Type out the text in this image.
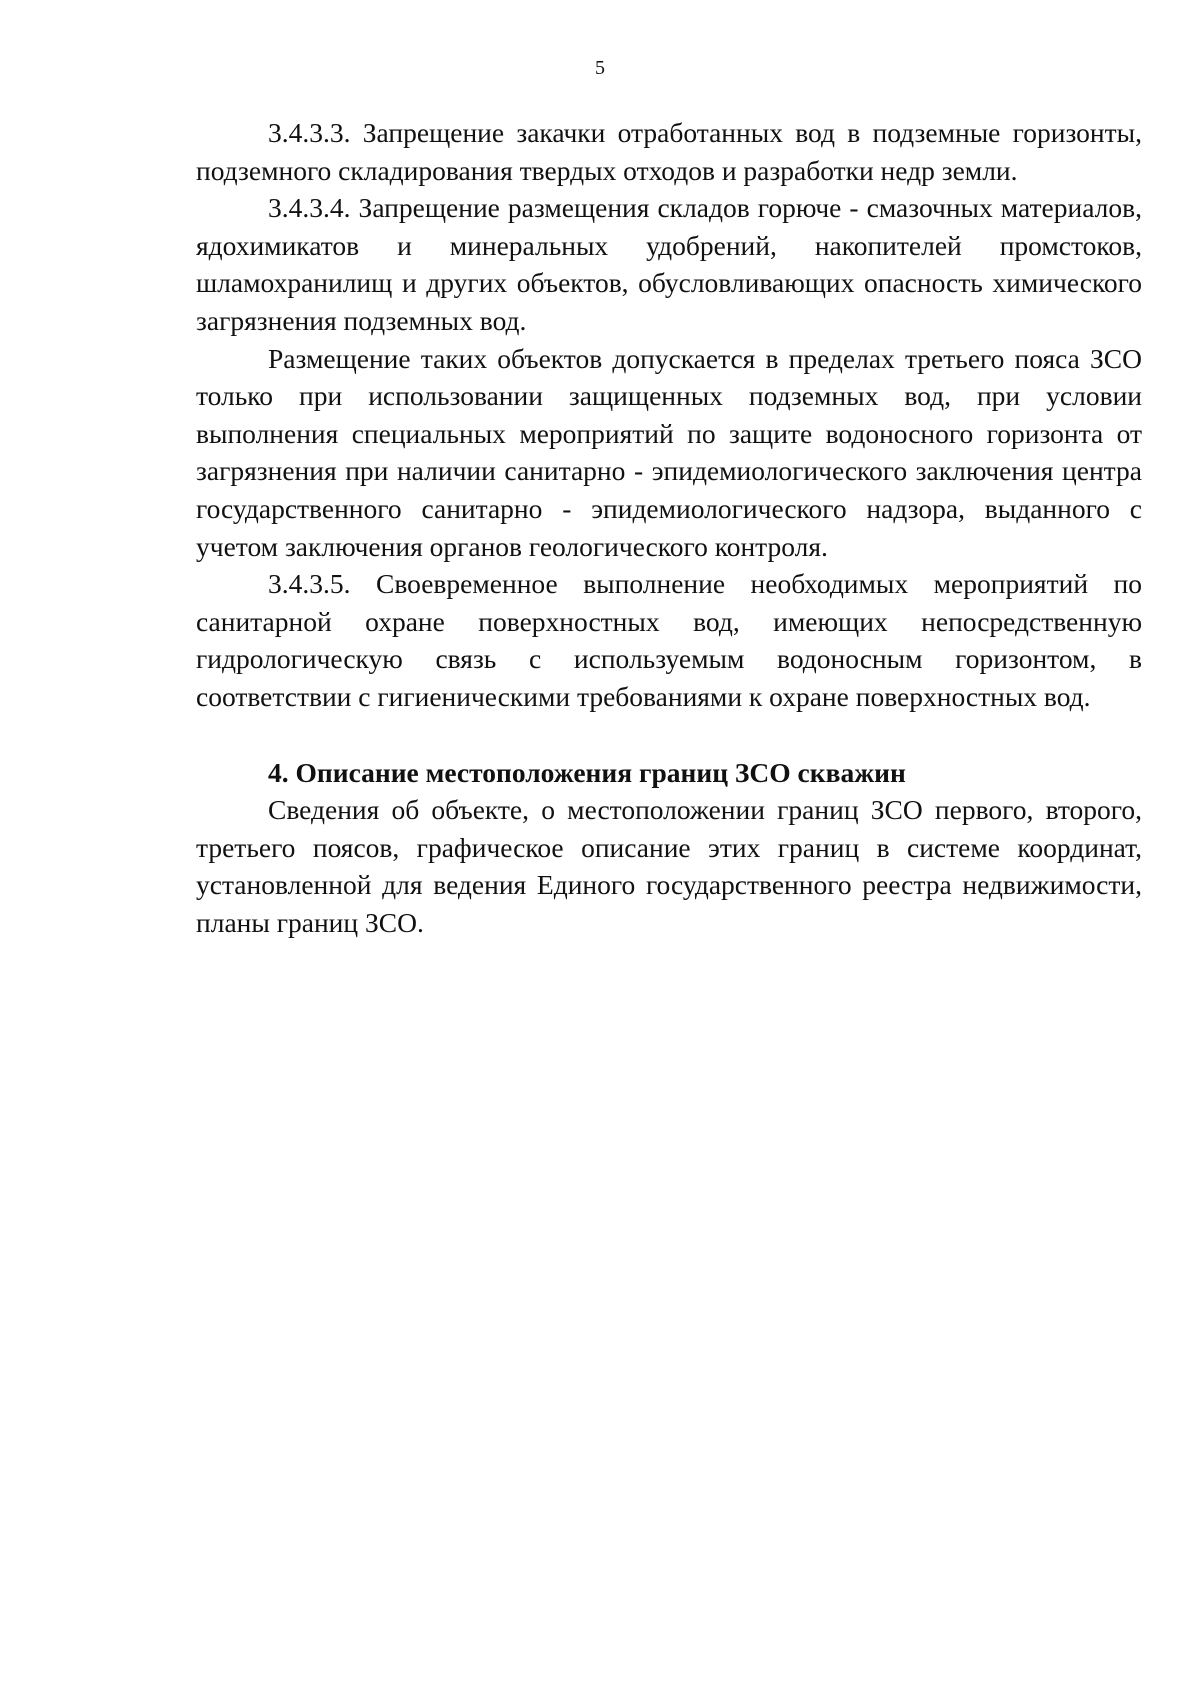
5

3.4.3.3. Запрещение закачки отработанных вод в подземные горизонты, подземного складирования твердых отходов и разработки недр земли.

3.4.3.4. Запрещение размещения складов горюче - смазочных материалов, ядохимикатов и минеральных удобрений, накопителей промстоков, шламохранилищ и других объектов, обусловливающих опасность химического загрязнения подземных вод.

Размещение таких объектов допускается в пределах третьего пояса ЗСО только при использовании защищенных подземных вод, при условии выполнения специальных мероприятий по защите водоносного горизонта от загрязнения при наличии санитарно - эпидемиологического заключения центра государственного санитарно - эпидемиологического надзора, выданного с учетом заключения органов геологического контроля.

3.4.3.5. Своевременное выполнение необходимых мероприятий по санитарной охране поверхностных вод, имеющих непосредственную гидрологическую связь с используемым водоносным горизонтом, в соответствии с гигиеническими требованиями к охране поверхностных вод.

4. Описание местоположения границ ЗСО скважин

Сведения об объекте, о местоположении границ ЗСО первого, второго, третьего поясов, графическое описание этих границ в системе координат, установленной для ведения Единого государственного реестра недвижимости, планы границ ЗСО.
